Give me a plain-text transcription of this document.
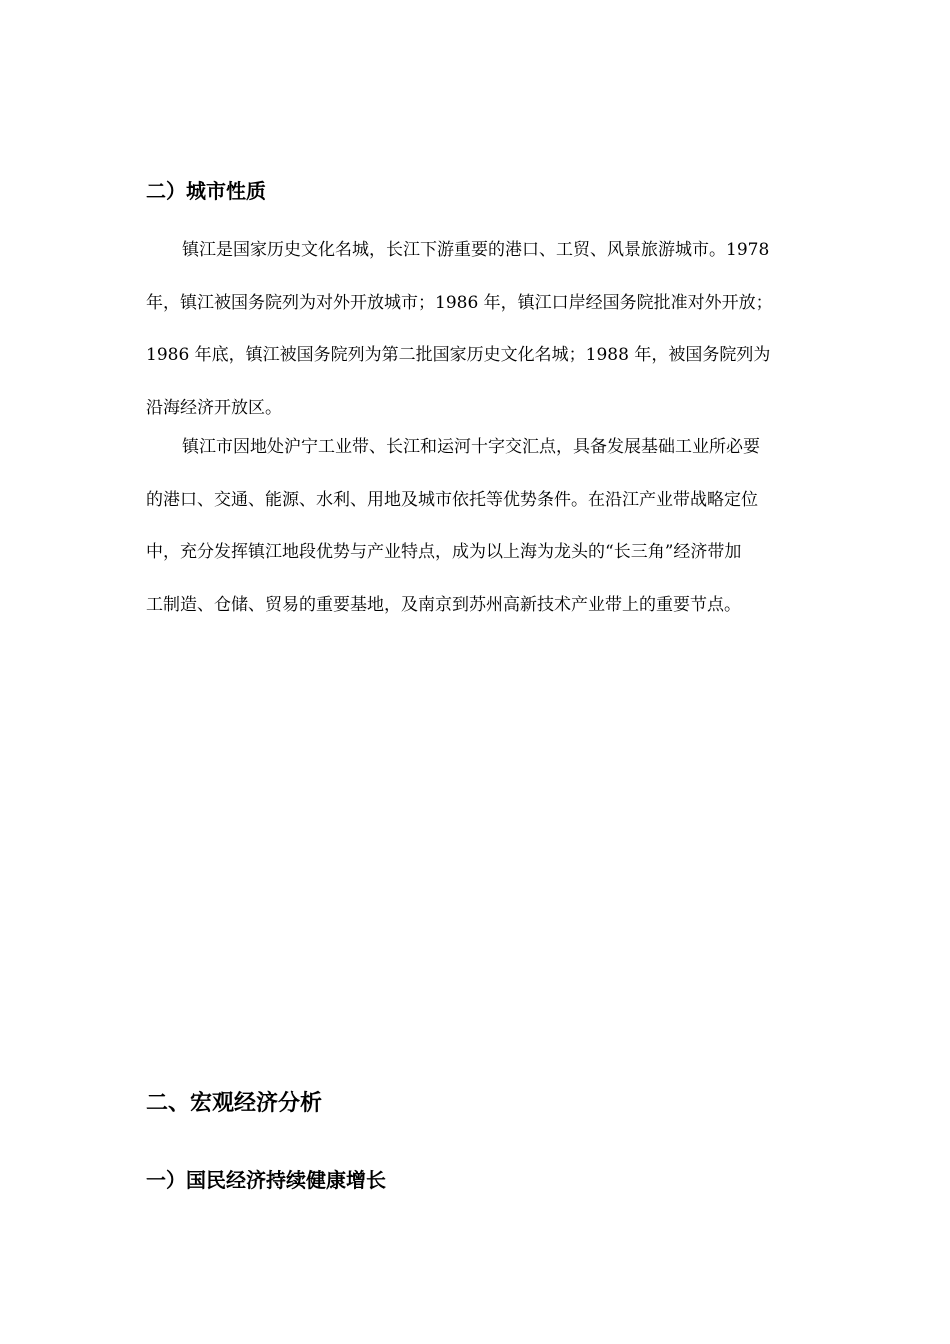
二）城市性质
镇江是国家历史文化名城，长江下游重要的港口、工贸、风景旅游城市。1978
年，镇江被国务院列为对外开放城市；1986 年，镇江口岸经国务院批准对外开放；
1986 年底，镇江被国务院列为第二批国家历史文化名城；1988 年，被国务院列为
沿海经济开放区。
镇江市因地处沪宁工业带、长江和运河十字交汇点，具备发展基础工业所必要
的港口、交通、能源、水利、用地及城市依托等优势条件。在沿江产业带战略定位
中，充分发挥镇江地段优势与产业特点，成为以上海为龙头的“长三角”经济带加
工制造、仓储、贸易的重要基地，及南京到苏州高新技术产业带上的重要节点。
二、宏观经济分析
一）国民经济持续健康增长
